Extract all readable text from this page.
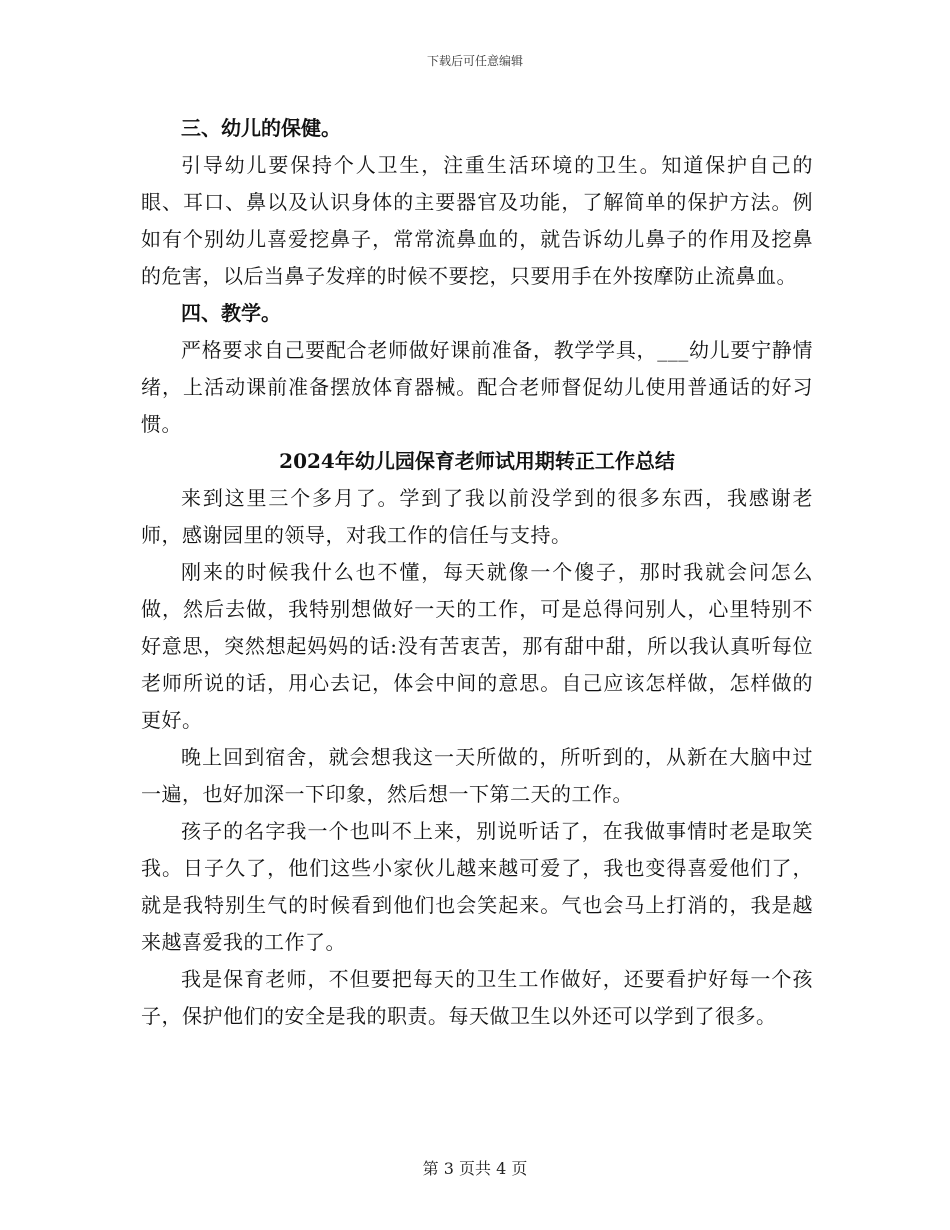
下载后可任意编辑

三、幼儿的保健。

引导幼儿要保持个人卫生，注重生活环境的卫生。知道保护自己的眼、耳口、鼻以及认识身体的主要器官及功能，了解简单的保护方法。例如有个别幼儿喜爱挖鼻子，常常流鼻血的，就告诉幼儿鼻子的作用及挖鼻的危害，以后当鼻子发痒的时候不要挖，只要用手在外按摩防止流鼻血。

四、教学。

严格要求自己要配合老师做好课前准备，教学学具，___幼儿要宁静情绪，上活动课前准备摆放体育器械。配合老师督促幼儿使用普通话的好习惯。

2024年幼儿园保育老师试用期转正工作总结

来到这里三个多月了。学到了我以前没学到的很多东西，我感谢老师，感谢园里的领导，对我工作的信任与支持。

刚来的时候我什么也不懂，每天就像一个傻子，那时我就会问怎么做，然后去做，我特别想做好一天的工作，可是总得问别人，心里特别不好意思，突然想起妈妈的话:没有苦衷苦，那有甜中甜，所以我认真听每位老师所说的话，用心去记，体会中间的意思。自己应该怎样做，怎样做的更好。

晚上回到宿舍，就会想我这一天所做的，所听到的，从新在大脑中过一遍，也好加深一下印象，然后想一下第二天的工作。

孩子的名字我一个也叫不上来，别说听话了，在我做事情时老是取笑我。日子久了，他们这些小家伙儿越来越可爱了，我也变得喜爱他们了，就是我特别生气的时候看到他们也会笑起来。气也会马上打消的，我是越来越喜爱我的工作了。

我是保育老师，不但要把每天的卫生工作做好，还要看护好每一个孩子，保护他们的安全是我的职责。每天做卫生以外还可以学到了很多。

第 3 页共 4 页
